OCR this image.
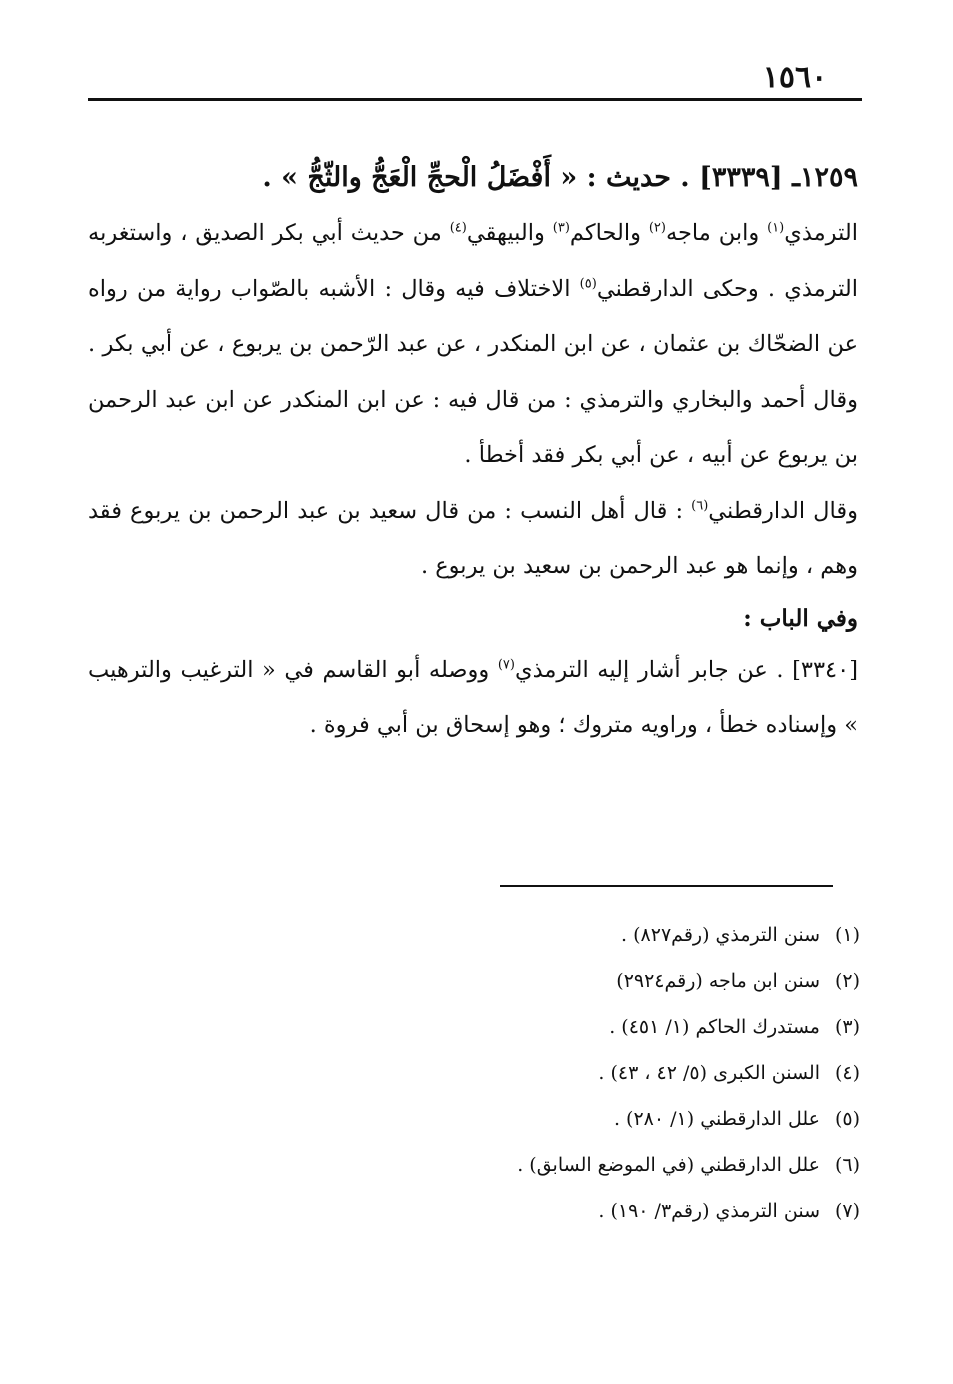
١٥٦٠
١٢٥٩ـ [٣٣٣٩] . حديث : « أَفْضَلُ الْحجِّ الْعَجُّ والثّجُّ » .

الترمذي$^{(١)}$ وابن ماجه$^{(٢)}$ والحاكم$^{(٣)}$ والبيهقي$^{(٤)}$ من حديث أبي بكر الصديق ، واستغربه الترمذي . وحكى الدارقطني$^{(٥)}$ الاختلاف فيه وقال : الأشبه بالصّواب رواية من رواه عن الضحّاك بن عثمان ، عن ابن المنكدر ، عن عبد الرّحمن بن يربوع ، عن أبي بكر . وقال أحمد والبخاري والترمذي : من قال فيه : عن ابن المنكدر عن ابن عبد الرحمن بن يربوع عن أبيه ، عن أبي بكر فقد أخطأ .

وقال الدارقطني$^{(٦)}$ : قال أهل النسب : من قال سعيد بن عبد الرحمن بن يربوع فقد وهم ، وإنما هو عبد الرحمن بن سعيد بن يربوع .

وفي الباب :

[٣٣٤٠] . عن جابر أشار إليه الترمذي$^{(٧)}$ ووصله أبو القاسم في « الترغيب والترهيب » وإسناده خطأ ، وراويه متروك ؛ وهو إسحاق بن أبي فروة .

(١)سنن الترمذي (رقم٨٢٧) .
(٢)سنن ابن ماجه (رقم٢٩٢٤)
(٣)مستدرك الحاكم (١/ ٤٥١) .
(٤)السنن الكبرى (٥/ ٤٢ ، ٤٣) .
(٥)علل الدارقطني (١/ ٢٨٠) .
(٦)علل الدارقطني (في الموضع السابق) .
(٧)سنن الترمذي (رقم٣/ ١٩٠) .
